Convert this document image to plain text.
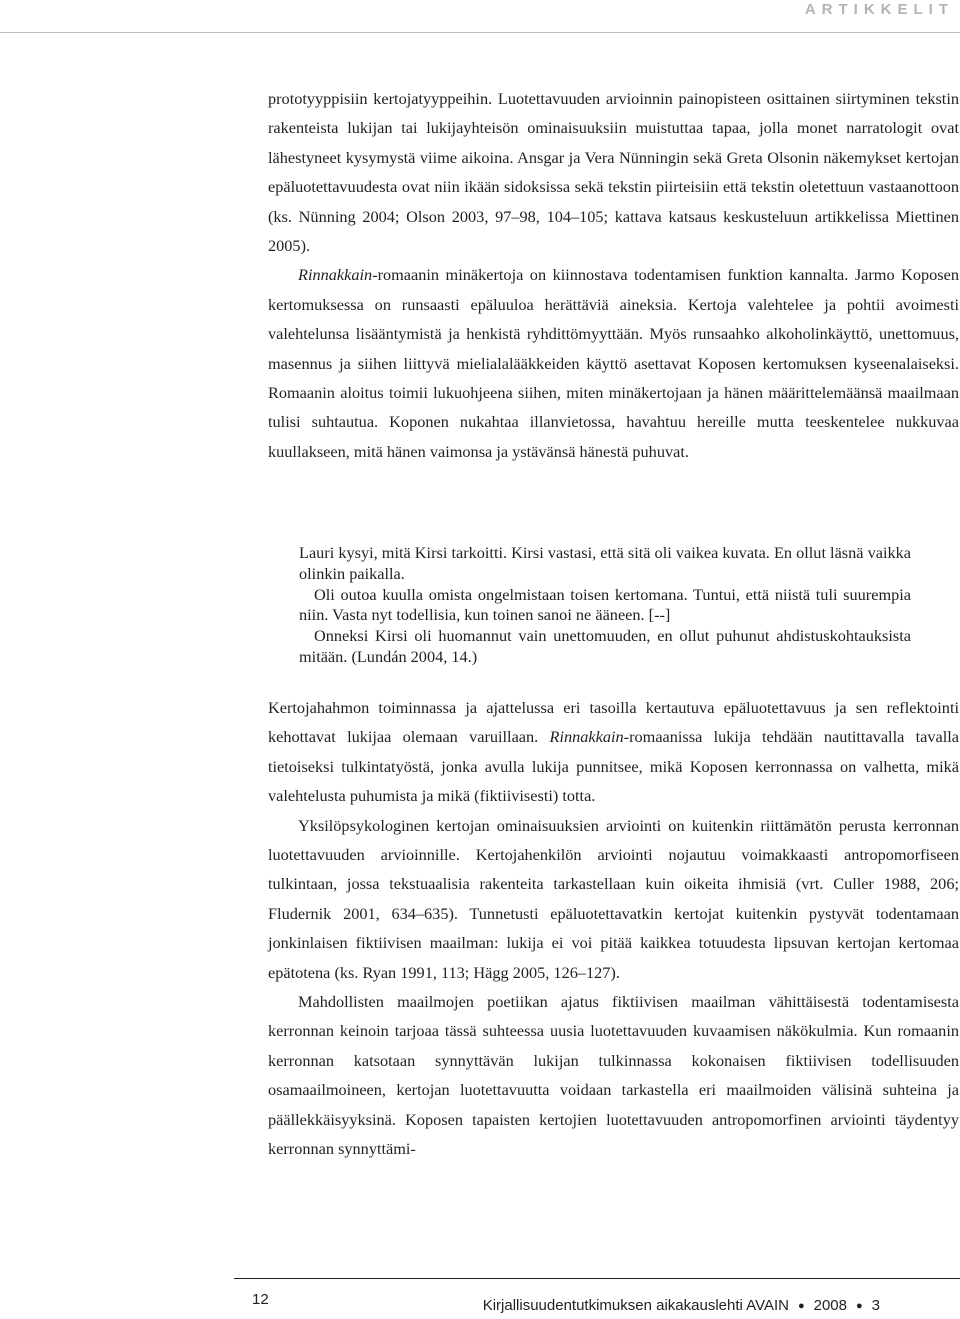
ARTIKKELIT

prototyyppisiin kertojatyyppeihin. Luotettavuuden arvioinnin painopisteen osittainen siirtyminen tekstin rakenteista lukijan tai lukijayhteisön ominaisuuksiin muistuttaa tapaa, jolla monet narratologit ovat lähestyneet kysymystä viime aikoina. Ansgar ja Vera Nünningin sekä Greta Olsonin näkemykset kertojan epäluotettavuudesta ovat niin ikään sidoksissa sekä tekstin piirteisiin että tekstin oletettuun vastaanottoon (ks. Nünning 2004; Olson 2003, 97–98, 104–105; kattava katsaus keskusteluun artikkelissa Miettinen 2005).

Rinnakkain-romaanin minäkertoja on kiinnostava todentamisen funktion kannalta. Jarmo Koposen kertomuksessa on runsaasti epäluuloa herättäviä aineksia. Kertoja valehtelee ja pohtii avoimesti valehtelunsa lisääntymistä ja henkistä ryhdittömyyttään. Myös runsaahko alkoholinkäyttö, unettomuus, masennus ja siihen liittyvä mielialalääkkeiden käyttö asettavat Koposen kertomuksen kyseenalaiseksi. Romaanin aloitus toimii lukuohjeena siihen, miten minäkertojaan ja hänen määrittelemäänsä maailmaan tulisi suhtautua. Koponen nukahtaa illanvietossa, havahtuu hereille mutta teeskentelee nukkuvaa kuullakseen, mitä hänen vaimonsa ja ystävänsä hänestä puhuvat.

Lauri kysyi, mitä Kirsi tarkoitti. Kirsi vastasi, että sitä oli vaikea kuvata. En ollut läsnä vaikka olinkin paikalla.

Oli outoa kuulla omista ongelmistaan toisen kertomana. Tuntui, että niistä tuli suurempia niin. Vasta nyt todellisia, kun toinen sanoi ne ääneen. [--]

Onneksi Kirsi oli huomannut vain unettomuuden, en ollut puhunut ahdistuskohtauksista mitään. (Lundán 2004, 14.)

Kertojahahmon toiminnassa ja ajattelussa eri tasoilla kertautuva epäluotettavuus ja sen reflektointi kehottavat lukijaa olemaan varuillaan. Rinnakkain-romaanissa lukija tehdään nautittavalla tavalla tietoiseksi tulkintatyöstä, jonka avulla lukija punnitsee, mikä Koposen kerronnassa on valhetta, mikä valehtelusta puhumista ja mikä (fiktiivisesti) totta.

Yksilöpsykologinen kertojan ominaisuuksien arviointi on kuitenkin riittämätön perusta kerronnan luotettavuuden arvioinnille. Kertojahenkilön arviointi nojautuu voimakkaasti antropomorfiseen tulkintaan, jossa tekstuaalisia rakenteita tarkastellaan kuin oikeita ihmisiä (vrt. Culler 1988, 206; Fludernik 2001, 634–635). Tunnetusti epäluotettavatkin kertojat kuitenkin pystyvät todentamaan jonkinlaisen fiktiivisen maailman: lukija ei voi pitää kaikkea totuudesta lipsuvan kertojan kertomaa epätotena (ks. Ryan 1991, 113; Hägg 2005, 126–127).

Mahdollisten maailmojen poetiikan ajatus fiktiivisen maailman vähittäisestä todentamisesta kerronnan keinoin tarjoaa tässä suhteessa uusia luotettavuuden kuvaamisen näkökulmia. Kun romaanin kerronnan katsotaan synnyttävän lukijan tulkinnassa kokonaisen fiktiivisen todellisuuden osamaailmoineen, kertojan luotettavuutta voidaan tarkastella eri maailmoiden välisinä suhteina ja päällekkäisyyksinä. Koposen tapaisten kertojien luotettavuuden antropomorfinen arviointi täydentyy kerronnan synnyttämi-

12	Kirjallisuudentutkimuksen aikakauslehti AVAIN ● 2008 ● 3
